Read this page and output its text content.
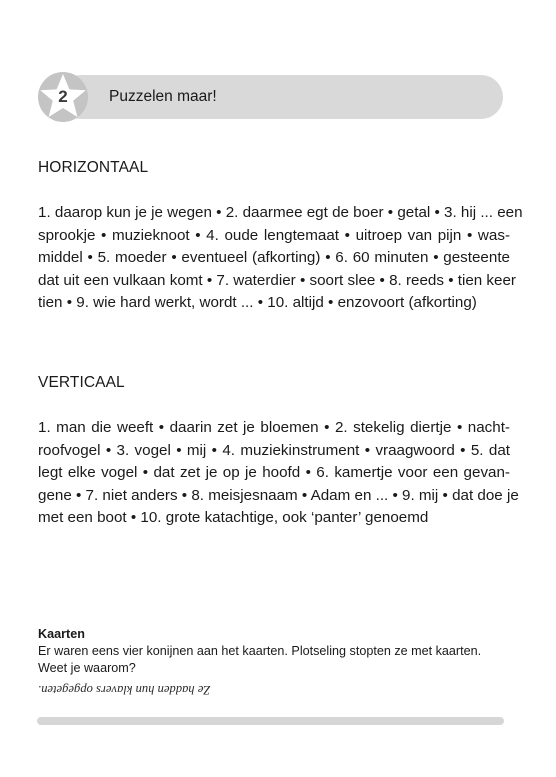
Puzzelen maar!
2
HORIZONTAAL
1. daarop kun je je wegen • 2. daarmee egt de boer • getal • 3. hij ... een
sprookje • muzieknoot • 4. oude lengtemaat • uitroep van pijn • was-
middel • 5. moeder • eventueel (afkorting) • 6. 60 minuten • gesteente
dat uit een vulkaan komt • 7. waterdier • soort slee • 8. reeds • tien keer
tien • 9. wie hard werkt, wordt ... • 10. altijd • enzovoort (afkorting)
VERTICAAL
1. man die weeft • daarin zet je bloemen • 2. stekelig diertje • nacht-
roofvogel • 3. vogel • mij • 4. muziekinstrument • vraagwoord • 5. dat
legt elke vogel • dat zet je op je hoofd • 6. kamertje voor een gevan-
gene • 7. niet anders • 8. meisjesnaam • Adam en ... • 9. mij • dat doe je
met een boot • 10. grote katachtige, ook ‘panter’ genoemd
Kaarten
Er waren eens vier konijnen aan het kaarten. Plotseling stopten ze met kaarten.
Weet je waarom?
Ze hadden hun klavers opgegeten.
